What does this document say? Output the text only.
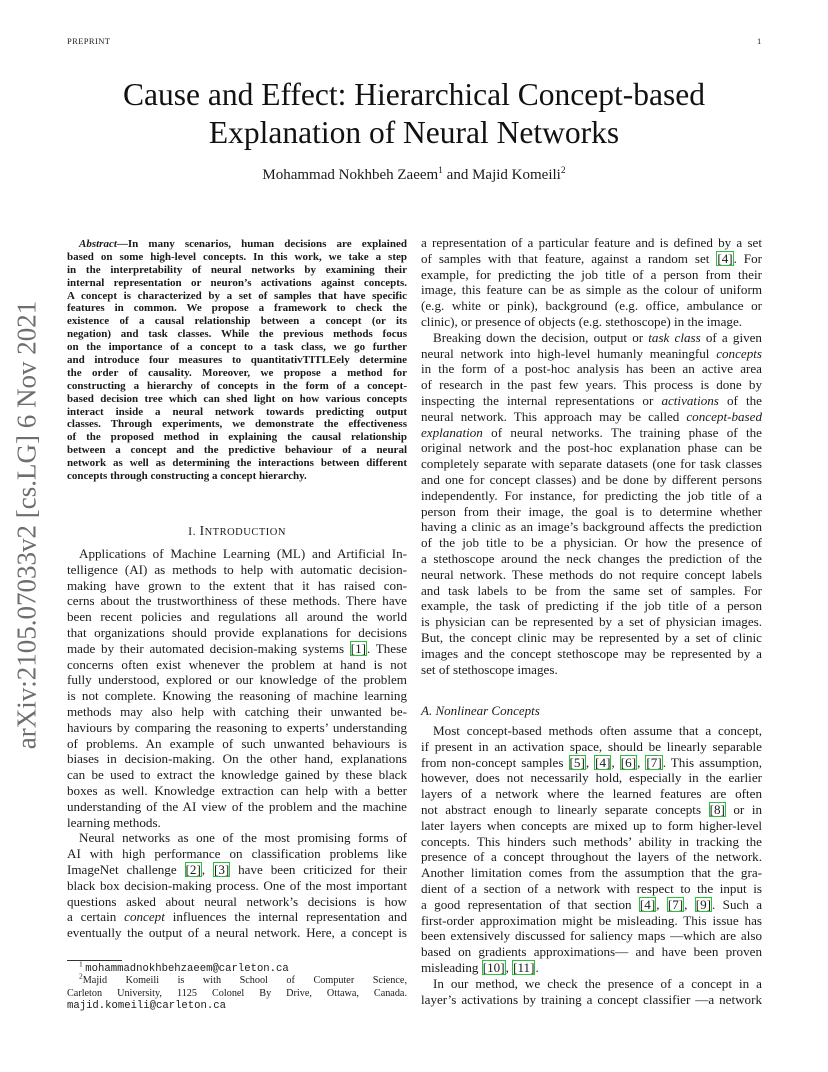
PREPRINT	1
Cause and Effect: Hierarchical Concept-based
Explanation of Neural Networks
Mohammad Nokhbeh Zaeem$^1$ and Majid Komeili$^2$
arXiv:2105.07033v2 [cs.LG] 6 Nov 2021
Abstract—In many scenarios, human decisions are explained
based on some high-level concepts. In this work, we take a step
in the interpretability of neural networks by examining their
internal representation or neuron’s activations against concepts.
A concept is characterized by a set of samples that have specific
features in common. We propose a framework to check the
existence of a causal relationship between a concept (or its
negation) and task classes. While the previous methods focus
on the importance of a concept to a task class, we go further
and introduce four measures to quantitativTITLEely determine
the order of causality. Moreover, we propose a method for
constructing a hierarchy of concepts in the form of a concept-
based decision tree which can shed light on how various concepts
interact inside a neural network towards predicting output
classes. Through experiments, we demonstrate the effectiveness
of the proposed method in explaining the causal relationship
between a concept and the predictive behaviour of a neural
network as well as determining the interactions between different
concepts through constructing a concept hierarchy.
I. INTRODUCTION
Applications of Machine Learning (ML) and Artificial In-
telligence (AI) as methods to help with automatic decision-
making have grown to the extent that it has raised con-
cerns about the trustworthiness of these methods. There have
been recent policies and regulations all around the world
that organizations should provide explanations for decisions
made by their automated decision-making systems [1]. These
concerns often exist whenever the problem at hand is not
fully understood, explored or our knowledge of the problem
is not complete. Knowing the reasoning of machine learning
methods may also help with catching their unwanted be-
haviours by comparing the reasoning to experts’ understanding
of problems. An example of such unwanted behaviours is
biases in decision-making. On the other hand, explanations
can be used to extract the knowledge gained by these black
boxes as well. Knowledge extraction can help with a better
understanding of the AI view of the problem and the machine
learning methods.
Neural networks as one of the most promising forms of
AI with high performance on classification problems like
ImageNet challenge [2], [3] have been criticized for their
black box decision-making process. One of the most important
questions asked about neural network’s decisions is how
a certain concept influences the internal representation and
eventually the output of a neural network. Here, a concept is
$^1$ mohammadnokhbehzaeem@carleton.ca
$^2$Majid Komeili is with School of Computer Science,
Carleton University, 1125 Colonel By Drive, Ottawa, Canada.
majid.komeili@carleton.ca
a representation of a particular feature and is defined by a set
of samples with that feature, against a random set [4]. For
example, for predicting the job title of a person from their
image, this feature can be as simple as the colour of uniform
(e.g. white or pink), background (e.g. office, ambulance or
clinic), or presence of objects (e.g. stethoscope) in the image.
Breaking down the decision, output or task class of a given
neural network into high-level humanly meaningful concepts
in the form of a post-hoc analysis has been an active area
of research in the past few years. This process is done by
inspecting the internal representations or activations of the
neural network. This approach may be called concept-based
explanation of neural networks. The training phase of the
original network and the post-hoc explanation phase can be
completely separate with separate datasets (one for task classes
and one for concept classes) and be done by different persons
independently. For instance, for predicting the job title of a
person from their image, the goal is to determine whether
having a clinic as an image’s background affects the prediction
of the job title to be a physician. Or how the presence of
a stethoscope around the neck changes the prediction of the
neural network. These methods do not require concept labels
and task labels to be from the same set of samples. For
example, the task of predicting if the job title of a person
is physician can be represented by a set of physician images.
But, the concept clinic may be represented by a set of clinic
images and the concept stethoscope may be represented by a
set of stethoscope images.
A. Nonlinear Concepts
Most concept-based methods often assume that a concept,
if present in an activation space, should be linearly separable
from non-concept samples [5], [4], [6], [7]. This assumption,
however, does not necessarily hold, especially in the earlier
layers of a network where the learned features are often
not abstract enough to linearly separate concepts [8] or in
later layers when concepts are mixed up to form higher-level
concepts. This hinders such methods’ ability in tracking the
presence of a concept throughout the layers of the network.
Another limitation comes from the assumption that the gra-
dient of a section of a network with respect to the input is
a good representation of that section [4], [7], [9]. Such a
first-order approximation might be misleading. This issue has
been extensively discussed for saliency maps —which are also
based on gradients approximations— and have been proven
misleading [10], [11].
In our method, we check the presence of a concept in a
layer’s activations by training a concept classifier —a network
